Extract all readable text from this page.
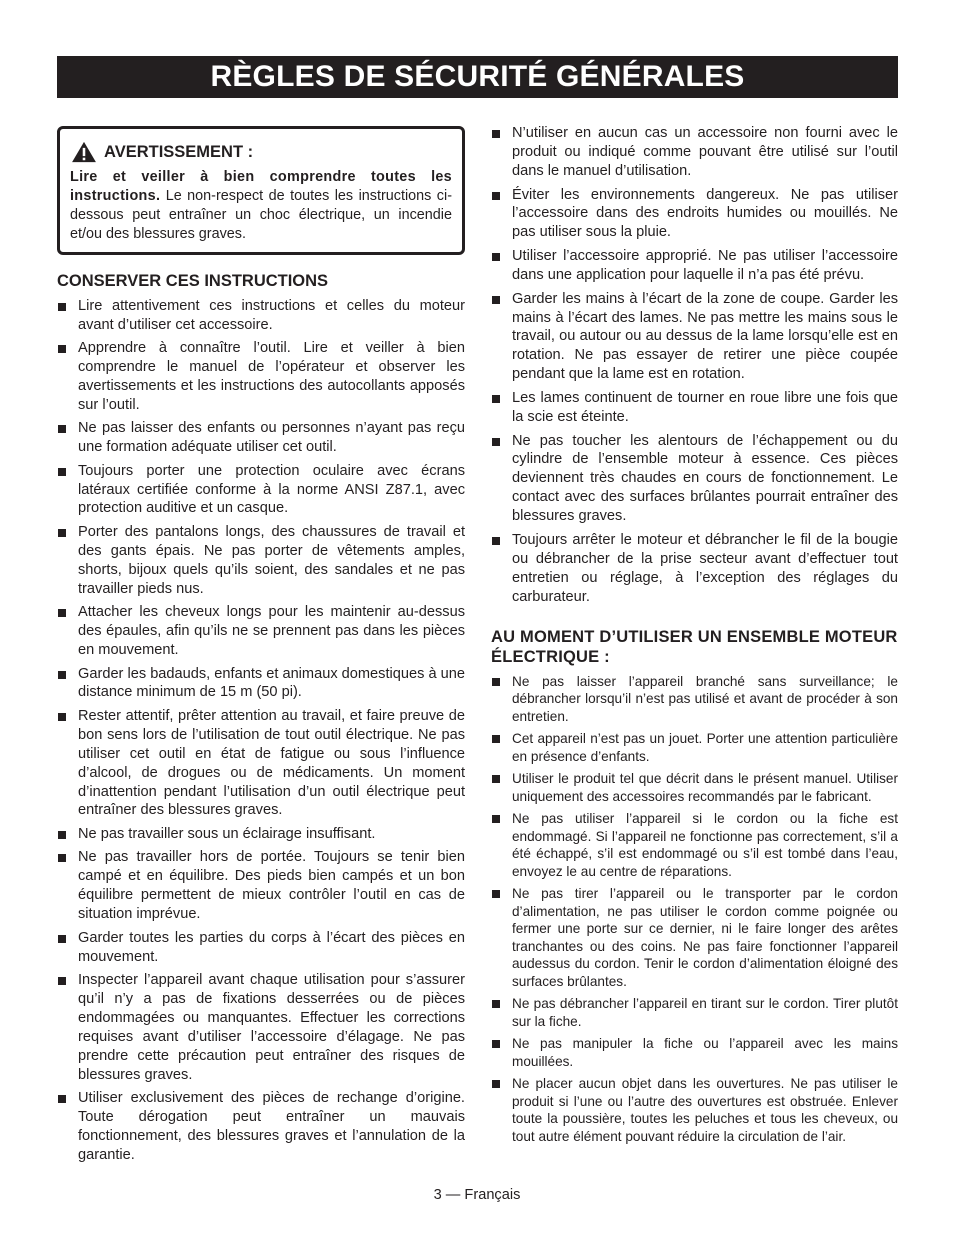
RÈGLES DE SÉCURITÉ GÉNÉRALES
AVERTISSEMENT :
Lire et veiller à bien comprendre toutes les instructions. Le non-respect de toutes les instructions ci-dessous peut entraîner un choc électrique, un incendie et/ou des blessures graves.
CONSERVER CES INSTRUCTIONS
Lire attentivement ces instructions et celles du moteur avant d’utiliser cet accessoire.
Apprendre à connaître l’outil. Lire et veiller à bien comprendre le manuel de l’opérateur et observer les avertissements et les instructions des autocollants apposés sur l’outil.
Ne pas laisser des enfants ou personnes n’ayant pas reçu une formation adéquate utiliser cet outil.
Toujours porter une protection oculaire avec écrans latéraux certifiée conforme à la norme ANSI Z87.1, avec protection auditive et un casque.
Porter des pantalons longs, des chaussures de travail et des gants épais. Ne pas porter de vêtements amples, shorts, bijoux quels qu’ils soient, des sandales et ne pas travailler pieds nus.
Attacher les cheveux longs pour les maintenir au-dessus des épaules, afin qu’ils ne se prennent pas dans les pièces en mouvement.
Garder les badauds, enfants et animaux domestiques à une distance minimum de 15 m (50 pi).
Rester attentif, prêter attention au travail, et faire preuve de bon sens lors de l’utilisation de tout outil électrique. Ne pas utiliser cet outil en état de fatigue ou sous l’influence d’alcool, de drogues ou de médicaments. Un moment d’inattention pendant l’utilisation d’un outil électrique peut entraîner des blessures graves.
Ne pas travailler sous un éclairage insuffisant.
Ne pas travailler hors de portée. Toujours se tenir bien campé et en équilibre. Des pieds bien campés et un bon équilibre permettent de mieux contrôler l’outil en cas de situation imprévue.
Garder toutes les parties du corps à l’écart des pièces en mouvement.
Inspecter l’appareil avant chaque utilisation pour s’assurer qu’il n’y a pas de fixations desserrées ou de pièces endommagées ou manquantes. Effectuer les corrections requises avant d’utiliser l’accessoire d’élagage. Ne pas prendre cette précaution peut entraîner des risques de blessures graves.
Utiliser exclusivement des pièces de rechange d’origine. Toute dérogation peut entraîner un mauvais fonctionnement, des blessures graves et l’annulation de la garantie.
N’utiliser en aucun cas un accessoire non fourni avec le produit ou indiqué comme pouvant être utilisé sur l’outil dans le manuel d’utilisation.
Éviter les environnements dangereux. Ne pas utiliser l’accessoire dans des endroits humides ou mouillés. Ne pas utiliser sous la pluie.
Utiliser l’accessoire approprié. Ne pas utiliser l’accessoire dans une application pour laquelle il n’a pas été prévu.
Garder les mains à l’écart de la zone de coupe. Garder les mains à l’écart des lames. Ne pas mettre les mains sous le travail, ou autour ou au dessus de la lame lorsqu’elle est en rotation. Ne pas essayer de retirer une pièce coupée pendant que la lame est en rotation.
Les lames continuent de tourner en roue libre une fois que la scie est éteinte.
Ne pas toucher les alentours de l’échappement ou du cylindre de l’ensemble moteur à essence. Ces pièces deviennent très chaudes en cours de fonctionnement. Le contact avec des surfaces brûlantes pourrait entraîner des blessures graves.
Toujours arrêter le moteur et débrancher le fil de la bougie ou débrancher de la prise secteur avant d’effectuer tout entretien ou réglage, à l’exception des réglages du carburateur.
AU MOMENT D’UTILISER UN ENSEMBLE MOTEUR ÉLECTRIQUE :
Ne pas laisser l’appareil branché sans surveillance; le débrancher lorsqu’il n’est pas utilisé et avant de procéder à son entretien.
Cet appareil n’est pas un jouet. Porter une attention particulière en présence d’enfants.
Utiliser le produit tel que décrit dans le présent manuel. Utiliser uniquement des accessoires recommandés par le fabricant.
Ne pas utiliser l’appareil si le cordon ou la fiche est endommagé. Si l’appareil ne fonctionne pas correctement, s’il a été échappé, s’il est endommagé ou s’il est tombé dans l’eau, envoyez le au centre de réparations.
Ne pas tirer l’appareil ou le transporter par le cordon d’alimentation, ne pas utiliser le cordon comme poignée ou fermer une porte sur ce dernier, ni le faire longer des arêtes tranchantes ou des coins. Ne pas faire fonctionner l’appareil audessus du cordon. Tenir le cordon d’alimentation éloigné des surfaces brûlantes.
Ne pas débrancher l’appareil en tirant sur le cordon. Tirer plutôt sur la fiche.
Ne pas manipuler la fiche ou l’appareil avec les mains mouillées.
Ne placer aucun objet dans les ouvertures. Ne pas utiliser le produit si l’une ou l’autre des ouvertures est obstruée. Enlever toute la poussière, toutes les peluches et tous les cheveux, ou tout autre élément pouvant réduire la circulation de l’air.
3 — Français
